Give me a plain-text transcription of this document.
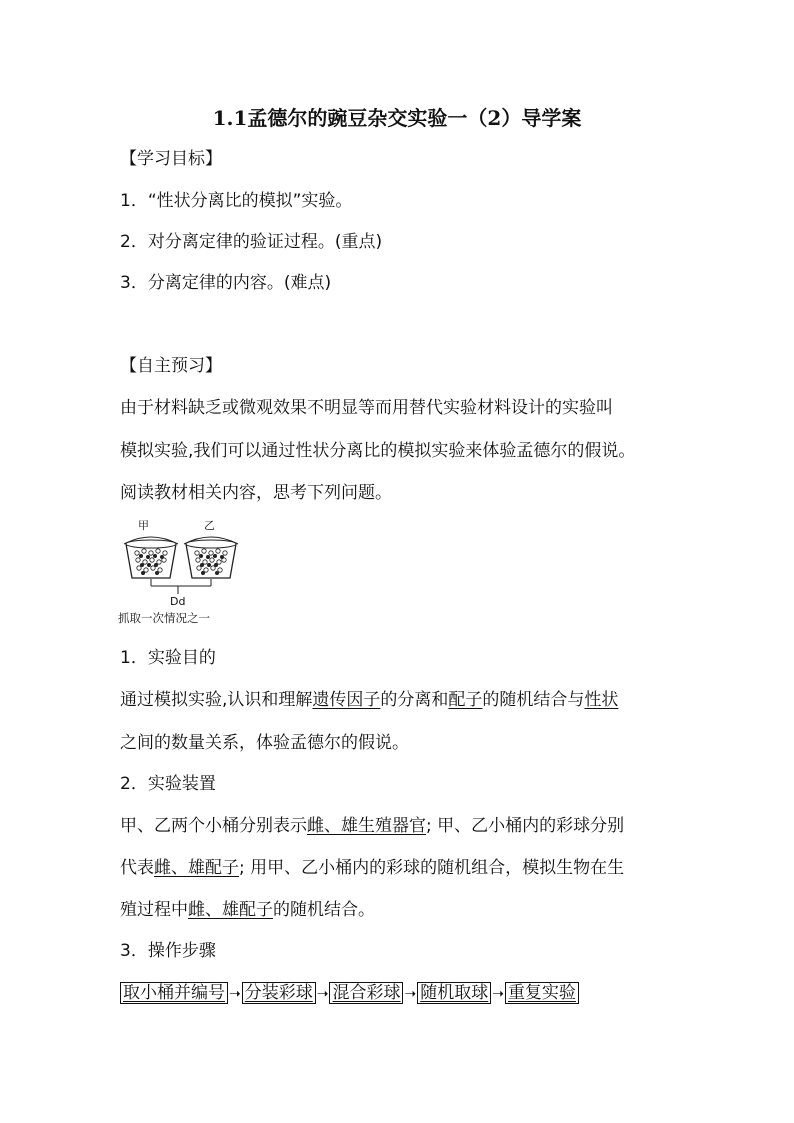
1.1孟德尔的豌豆杂交实验一（2）导学案
【学习目标】
1．“性状分离比的模拟”实验。
2．对分离定律的验证过程。(重点)
3．分离定律的内容。(难点)
【自主预习】
由于材料缺乏或微观效果不明显等而用替代实验材料设计的实验叫
模拟实验,我们可以通过性状分离比的模拟实验来体验孟德尔的假说。
阅读教材相关内容，思考下列问题。
甲	乙
Dd
抓取一次情况之一
1．实验目的
通过模拟实验,认识和理解遗传因子的分离和配子的随机结合与性状
之间的数量关系，体验孟德尔的假说。
2．实验装置
甲、乙两个小桶分别表示雌、雄生殖器官; 甲、乙小桶内的彩球分别
代表雌、雄配子; 用甲、乙小桶内的彩球的随机组合，模拟生物在生
殖过程中雌、雄配子的随机结合。
3．操作步骤
取小桶并编号 ➝ 分装彩球 ➝ 混合彩球 ➝ 随机取球 ➝ 重复实验
